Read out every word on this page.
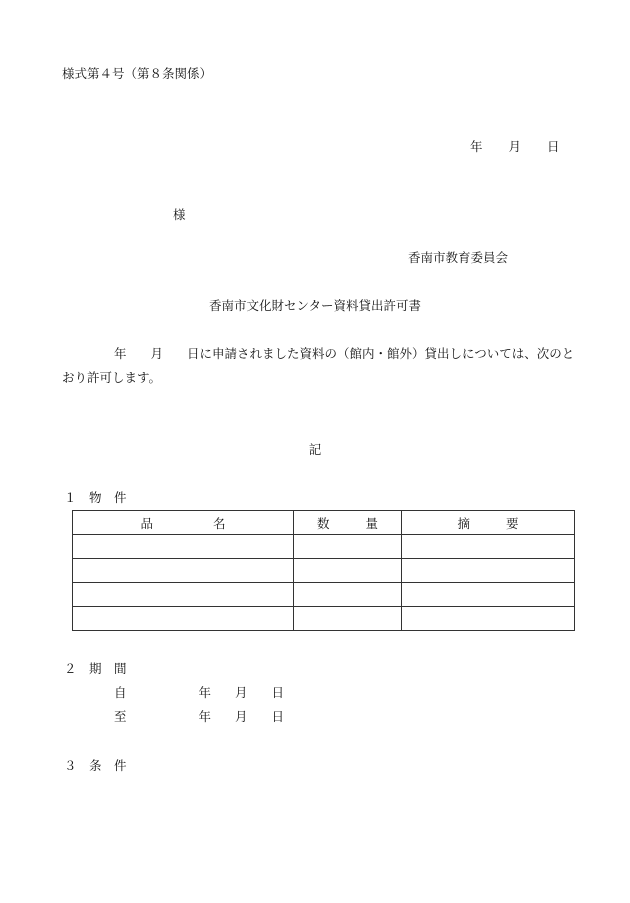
様式第４号（第８条関係）
年 月 日
様
香南市教育委員会
香南市文化財センター資料貸出許可書
年 月 日に申請されました資料の（館内・館外）貸出しについては、次のと
おり許可します。
記
１　物　件
品 名	数 量	摘 要

２　期　間
自	年 月 日
至	年 月 日
３　条　件
